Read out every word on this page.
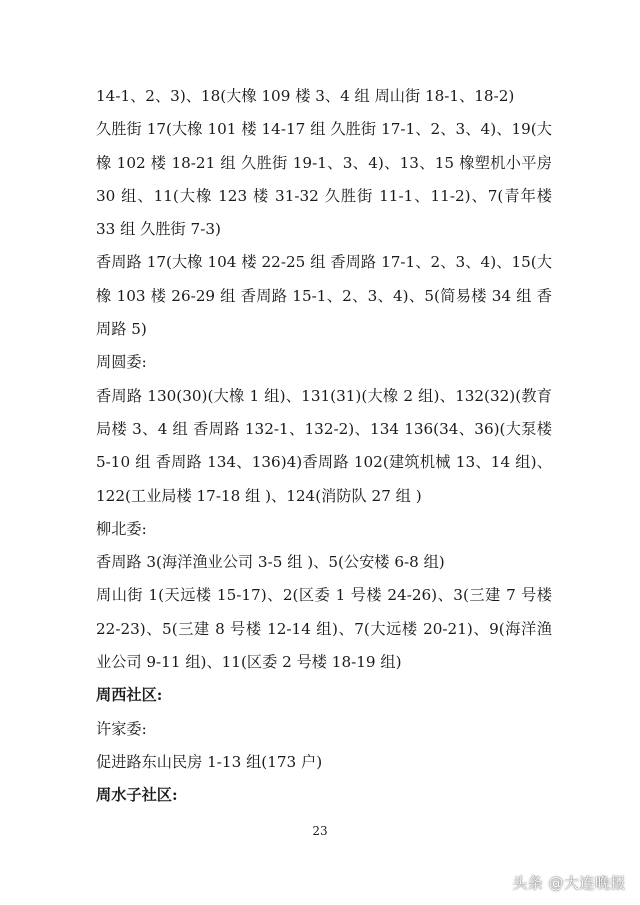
14-1、2、3)、18(大橡 109 楼 3、4 组 周山街 18-1、18-2)

久胜街 17(大橡 101 楼 14-17 组 久胜街 17-1、2、3、4)、19(大橡 102 楼 18-21 组 久胜街 19-1、3、4)、13、15 橡塑机小平房 30 组、11(大橡 123 楼 31-32 久胜街 11-1、11-2)、7(青年楼 33 组 久胜街 7-3)

香周路 17(大橡 104 楼 22-25 组 香周路 17-1、2、3、4)、15(大橡 103 楼 26-29 组 香周路 15-1、2、3、4)、5(简易楼 34 组 香周路 5)

周圆委:

香周路 130(30)(大橡 1 组)、131(31)(大橡 2 组)、132(32)(教育局楼 3、4 组 香周路 132-1、132-2)、134 136(34、36)(大泵楼 5-10 组 香周路 134、136)4)香周路 102(建筑机械 13、14 组)、122(工业局楼 17-18 组 )、124(消防队 27 组 )

柳北委:

香周路 3(海洋渔业公司 3-5 组 )、5(公安楼 6-8 组)

周山街 1(天远楼 15-17)、2(区委 1 号楼 24-26)、3(三建 7 号楼 22-23)、5(三建 8 号楼 12-14 组)、7(大远楼 20-21)、9(海洋渔业公司 9-11 组)、11(区委 2 号楼 18-19 组)

周西社区:

许家委:

促进路东山民房 1-13 组(173 户)

周水子社区:

23
头条 @大连晚报
